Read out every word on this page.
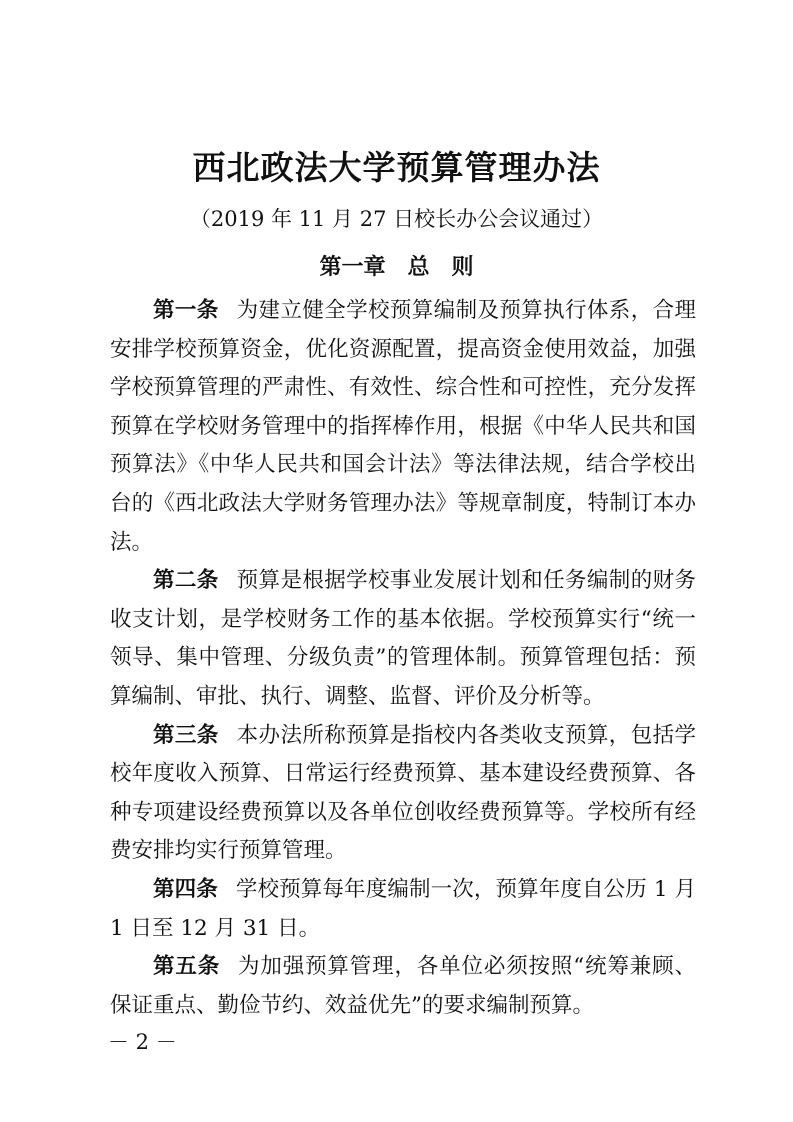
西北政法大学预算管理办法
（2019 年 11 月 27 日校长办公会议通过）
第一章　总　则

第一条 为建立健全学校预算编制及预算执行体系，合理安排学校预算资金，优化资源配置，提高资金使用效益，加强学校预算管理的严肃性、有效性、综合性和可控性，充分发挥预算在学校财务管理中的指挥棒作用，根据《中华人民共和国预算法》《中华人民共和国会计法》等法律法规，结合学校出台的《西北政法大学财务管理办法》等规章制度，特制订本办法。

第二条 预算是根据学校事业发展计划和任务编制的财务收支计划，是学校财务工作的基本依据。学校预算实行“统一领导、集中管理、分级负责”的管理体制。预算管理包括：预算编制、审批、执行、调整、监督、评价及分析等。

第三条 本办法所称预算是指校内各类收支预算，包括学校年度收入预算、日常运行经费预算、基本建设经费预算、各种专项建设经费预算以及各单位创收经费预算等。学校所有经费安排均实行预算管理。

第四条 学校预算每年度编制一次，预算年度自公历 1 月 1 日至 12 月 31 日。

第五条 为加强预算管理，各单位必须按照“统筹兼顾、保证重点、勤俭节约、效益优先”的要求编制预算。

－ 2 －
